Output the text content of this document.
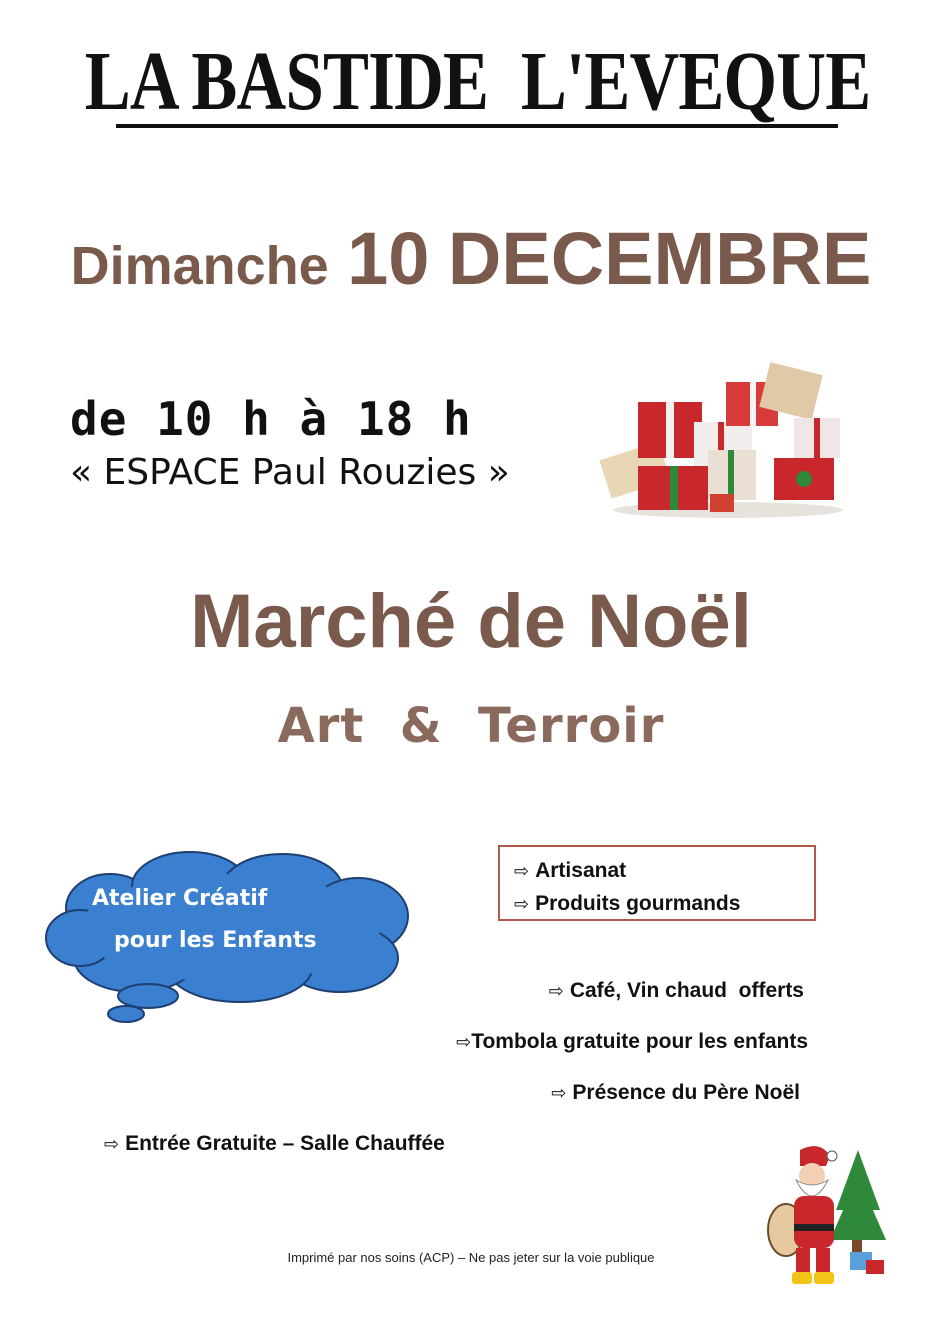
LA BASTIDE  L'EVEQUE
Dimanche 10 DECEMBRE
de 10 h à 18 h
« ESPACE Paul Rouzies »
Marché de Noël
Art  &  Terroir
Atelier Créatif
pour les Enfants
⇨ Artisanat
⇨ Produits gourmands
⇨ Café, Vin chaud  offerts
⇨Tombola gratuite pour les enfants
⇨ Présence du Père Noël
⇨ Entrée Gratuite – Salle Chauffée
Imprimé par nos soins (ACP) – Ne pas jeter sur la voie publique
